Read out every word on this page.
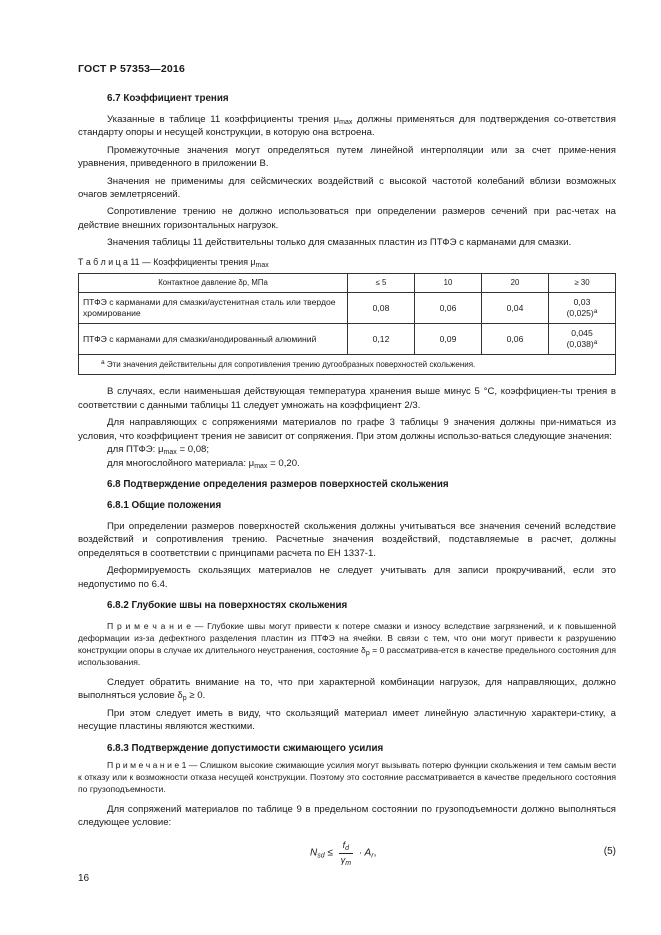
ГОСТ Р 57353—2016
6.7 Коэффициент трения

Указанные в таблице 11 коэффициенты трения $\mu_{max}$ должны применяться для подтверждения со-ответствия стандарту опоры и несущей конструкции, в которую она встроена.

Промежуточные значения могут определяться путем линейной интерполяции или за счет приме-нения уравнения, приведенного в приложении В.

Значения не применимы для сейсмических воздействий с высокой частотой колебаний вблизи возможных очагов землетрясений.

Сопротивление трению не должно использоваться при определении размеров сечений при рас-четах на действие внешних горизонтальных нагрузок.

Значения таблицы 11 действительны только для смазанных пластин из ПТФЭ с карманами для смазки.

Т а б л и ц а 11 — Коэффициенты трения $\mu_{max}$
Контактное давление δр, МПа	≤ 5	10	20	≥ 30
ПТФЭ с карманами для смазки/аустенитная сталь или твердое хромирование	0,08	0,06	0,04	0,03
$(0,025)^a$
ПТФЭ с карманами для смазки/анодированный алюминий	0,12	0,09	0,06	0,045
$(0,038)^a$
$^a$ Эти значения действительны для сопротивления трению дугообразных поверхностей скольжения.				

В случаях, если наименьшая действующая температура хранения выше минус 5 °С, коэффициен-ты трения в соответствии с данными таблицы 11 следует умножать на коэффициент 2/3.

Для направляющих с сопряжениями материалов по графе 3 таблицы 9 значения должны при-ниматься из условия, что коэффициент трения не зависит от сопряжения. При этом должны использо-ваться следующие значения:

для ПТФЭ: $\mu_{max} = 0,08$;

для многослойного материала: $\mu_{max} = 0,20$.

6.8 Подтверждение определения размеров поверхностей скольжения
6.8.1 Общие положения

При определении размеров поверхностей скольжения должны учитываться все значения сечений вследствие воздействий и сопротивления трению. Расчетные значения воздействий, подставляемые в расчет, должны определяться в соответствии с принципами расчета по ЕН 1337-1.

Деформируемость скользящих материалов не следует учитывать для записи прокручиваний, если это недопустимо по 6.4.

6.8.2 Глубокие швы на поверхностях скольжения

П р и м е ч а н и е — Глубокие швы могут привести к потере смазки и износу вследствие загрязнений, и к повышенной деформации из-за дефектного разделения пластин из ПТФЭ на ячейки. В связи с тем, что они могут привести к разрушению конструкции опоры в случае их длительного неустранения, состояние $\delta_р = 0$ рассматрива-ется в качестве предельного состояния для использования.

Следует обратить внимание на то, что при характерной комбинации нагрузок, для направляющих, должно выполняться условие $\delta_р \ge 0$.

При этом следует иметь в виду, что скользящий материал имеет линейную эластичную характери-стику, а несущие пластины являются жесткими.

6.8.3 Подтверждение допустимости сжимающего усилия

П р и м е ч а н и е 1 — Слишком высокие сжимающие усилия могут вызывать потерю функции скольжения и тем самым вести к отказу или к возможности отказа несущей конструкции. Поэтому это состояние рассматривается в качестве предельного состояния по грузоподъемности.

Для сопряжений материалов по таблице 9 в предельном состоянии по грузоподъемности должно выполняться следующее условие:

$N_{sd} \le \frac{f_d}{\gamma_m} \cdot A_r$,	(5)
16
